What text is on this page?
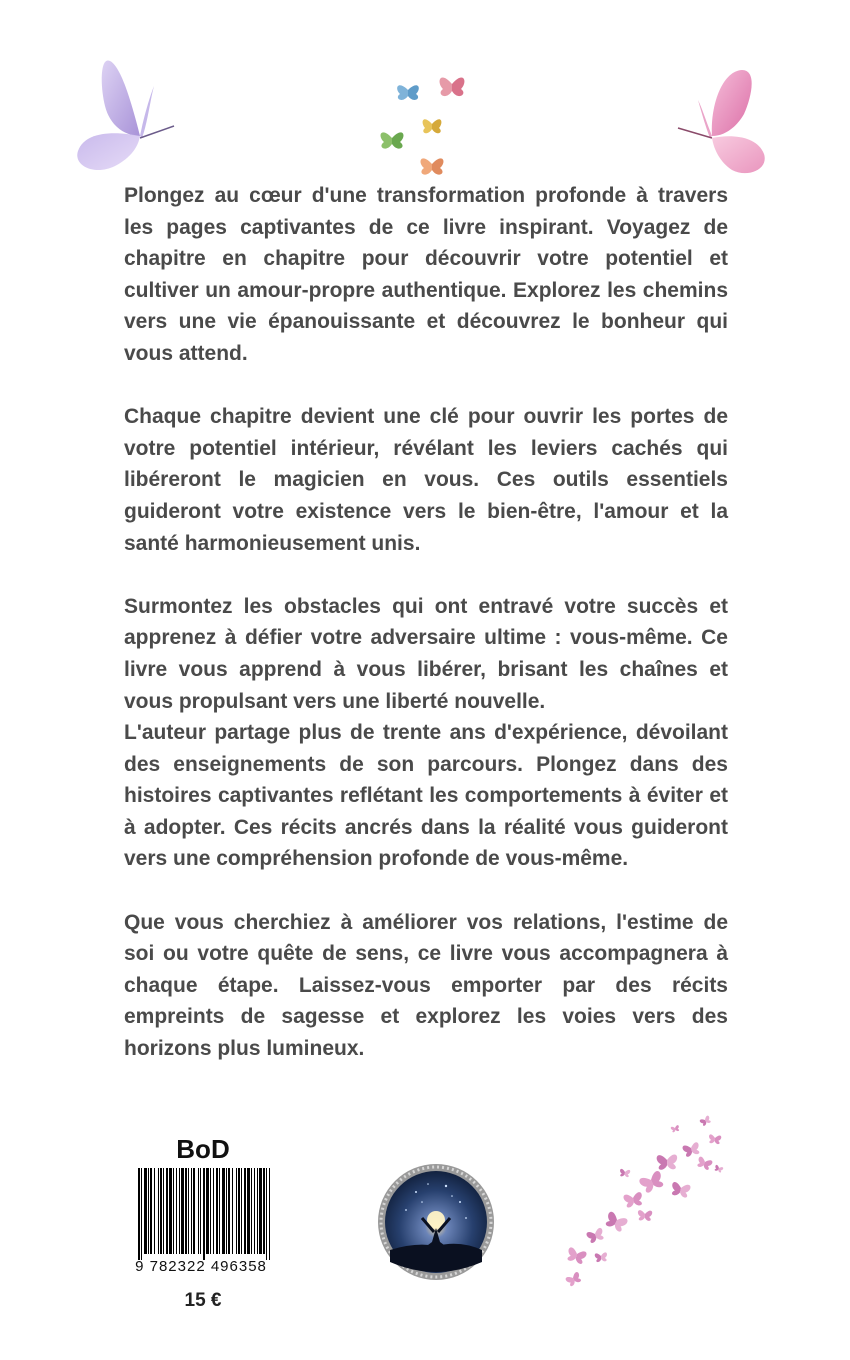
Plongez au cœur d'une transformation profonde à travers les pages captivantes de ce livre inspirant. Voyagez de chapitre en chapitre pour découvrir votre potentiel et cultiver un amour-propre authentique. Explorez les chemins vers une vie épanouissante et découvrez le bonheur qui vous attend.

Chaque chapitre devient une clé pour ouvrir les portes de votre potentiel intérieur, révélant les leviers cachés qui libéreront le magicien en vous. Ces outils essentiels guideront votre existence vers le bien-être, l'amour et la santé harmonieusement unis.

Surmontez les obstacles qui ont entravé votre succès et apprenez à défier votre adversaire ultime : vous-même. Ce livre vous apprend à vous libérer, brisant les chaînes et vous propulsant vers une liberté nouvelle.

L'auteur partage plus de trente ans d'expérience, dévoilant des enseignements de son parcours. Plongez dans des histoires captivantes reflétant les comportements à éviter et à adopter. Ces récits ancrés dans la réalité vous guideront vers une compréhension profonde de vous-même.

Que vous cherchiez à améliorer vos relations, l'estime de soi ou votre quête de sens, ce livre vous accompagnera à chaque étape. Laissez-vous emporter par des récits empreints de sagesse et explorez les voies vers des horizons plus lumineux.

BoD
9 782322 496358
15 €
